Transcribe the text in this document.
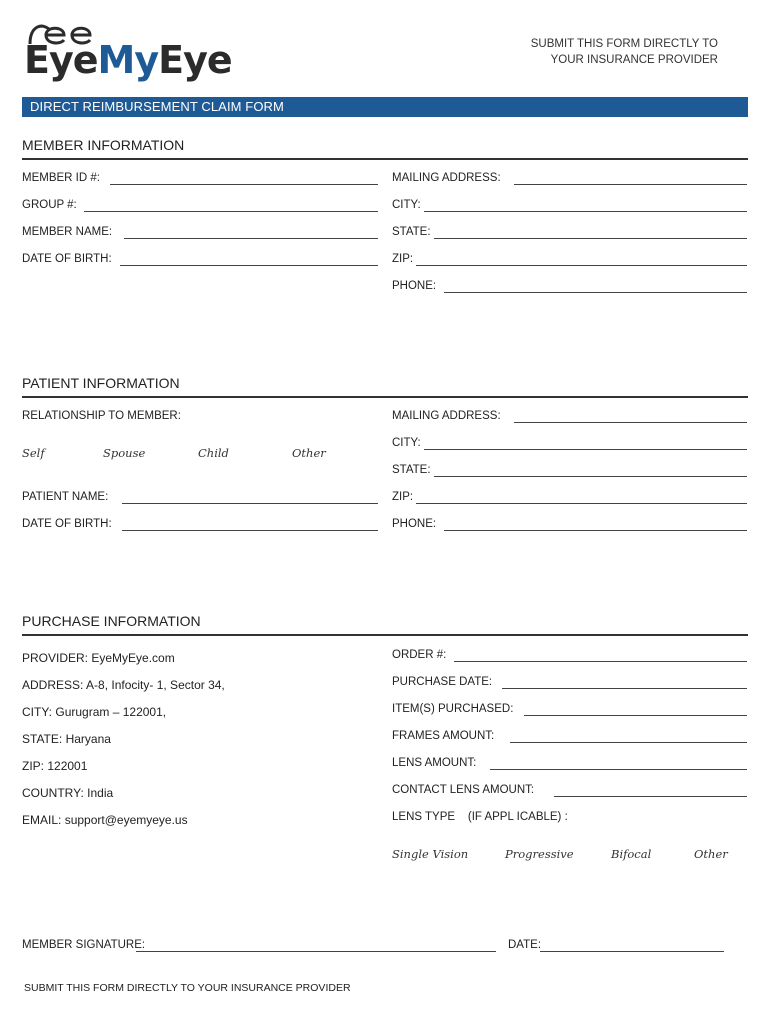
EyeMyEye	SUBMIT THIS FORM DIRECTLY TO
YOUR INSURANCE PROVIDER
DIRECT REIMBURSEMENT CLAIM FORM
MEMBER INFORMATION
MEMBER ID #:
GROUP #:
MEMBER NAME:
DATE OF BIRTH:
MAILING ADDRESS:
CITY:
STATE:
ZIP:
PHONE:
PATIENT INFORMATION
RELATIONSHIP TO MEMBER:
Self	Spouse	Child	Other
PATIENT NAME:
DATE OF BIRTH:
MAILING ADDRESS:
CITY:
STATE:
ZIP:
PHONE:
PURCHASE INFORMATION
PROVIDER: EyeMyEye.com
ADDRESS: A-8, Infocity- 1, Sector 34,
CITY: Gurugram – 122001,
STATE: Haryana
ZIP: 122001
COUNTRY: India
EMAIL: support@eyemyeye.us
ORDER #:
PURCHASE DATE:
ITEM(S) PURCHASED:
FRAMES AMOUNT:
LENS AMOUNT:
CONTACT LENS AMOUNT:
LENS TYPE (IF APPL ICABLE) :
Single Vision	Progressive	Bifocal	Other
MEMBER SIGNATURE:	DATE:
SUBMIT THIS FORM DIRECTLY TO YOUR INSURANCE PROVIDER
